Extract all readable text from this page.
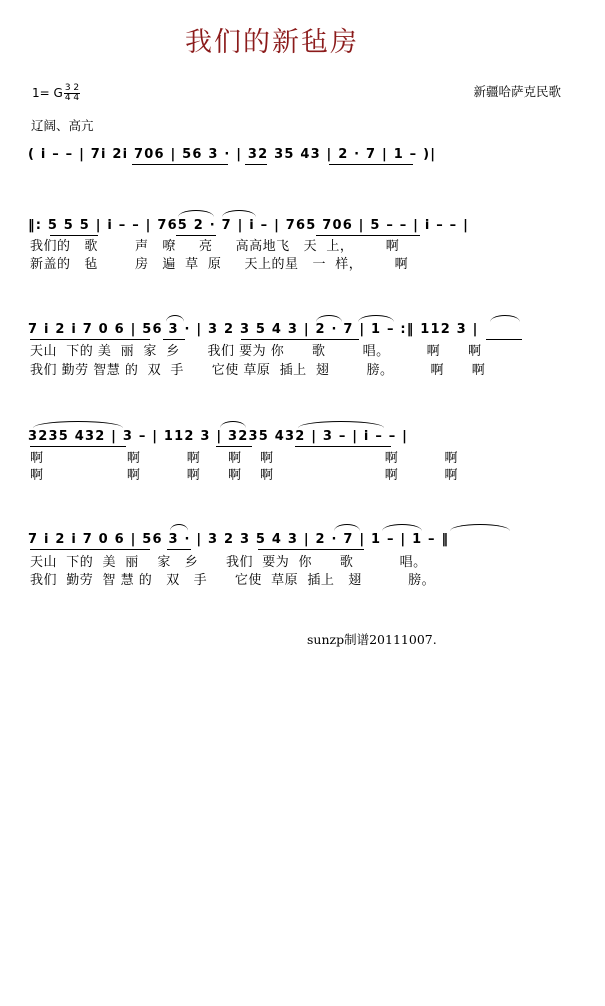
我们的新毡房
1= G $\frac{3 2}{4 4}$	新疆哈萨克民歌
辽阔、高亢
( i – – | 7i 2i 706 | 56 3 · | 32 35 43 | 2 · 7 | 1 – )|
‖: 5 5 5 | i – – | 765 2 · 7 | i – | 765 706 | 5 – – | i – – |
我们的   歌        声   嘹     亮     高高地飞   天  上，       啊
新盖的   毡        房   遍  草  原     天上的星   一  样，       啊
7 i 2 i 7 0 6 | 56 3 · | 3 2 3 5 4 3 | 2 · 7 | 1 – :‖ 112 3 |
天山  下的 美  丽  家  乡      我们 要为 你      歌        唱。        啊      啊
我们 勤劳 智慧 的  双  手      它使 草原  插上  翅        膀。        啊      啊
3235 432 | 3 – | 112 3 | 3235 432 | 3 – | i – – |
啊                  啊          啊      啊    啊                        啊          啊
啊                  啊          啊      啊    啊                        啊          啊
7 i 2 i 7 0 6 | 56 3 · | 3 2 3 5 4 3 | 2 · 7 | 1 – | 1 – ‖
天山  下的  美  丽    家   乡      我们  要为  你      歌          唱。
我们  勤劳  智 慧 的   双   手      它使  草原  插上   翅          膀。
sunzp制谱20111007.
